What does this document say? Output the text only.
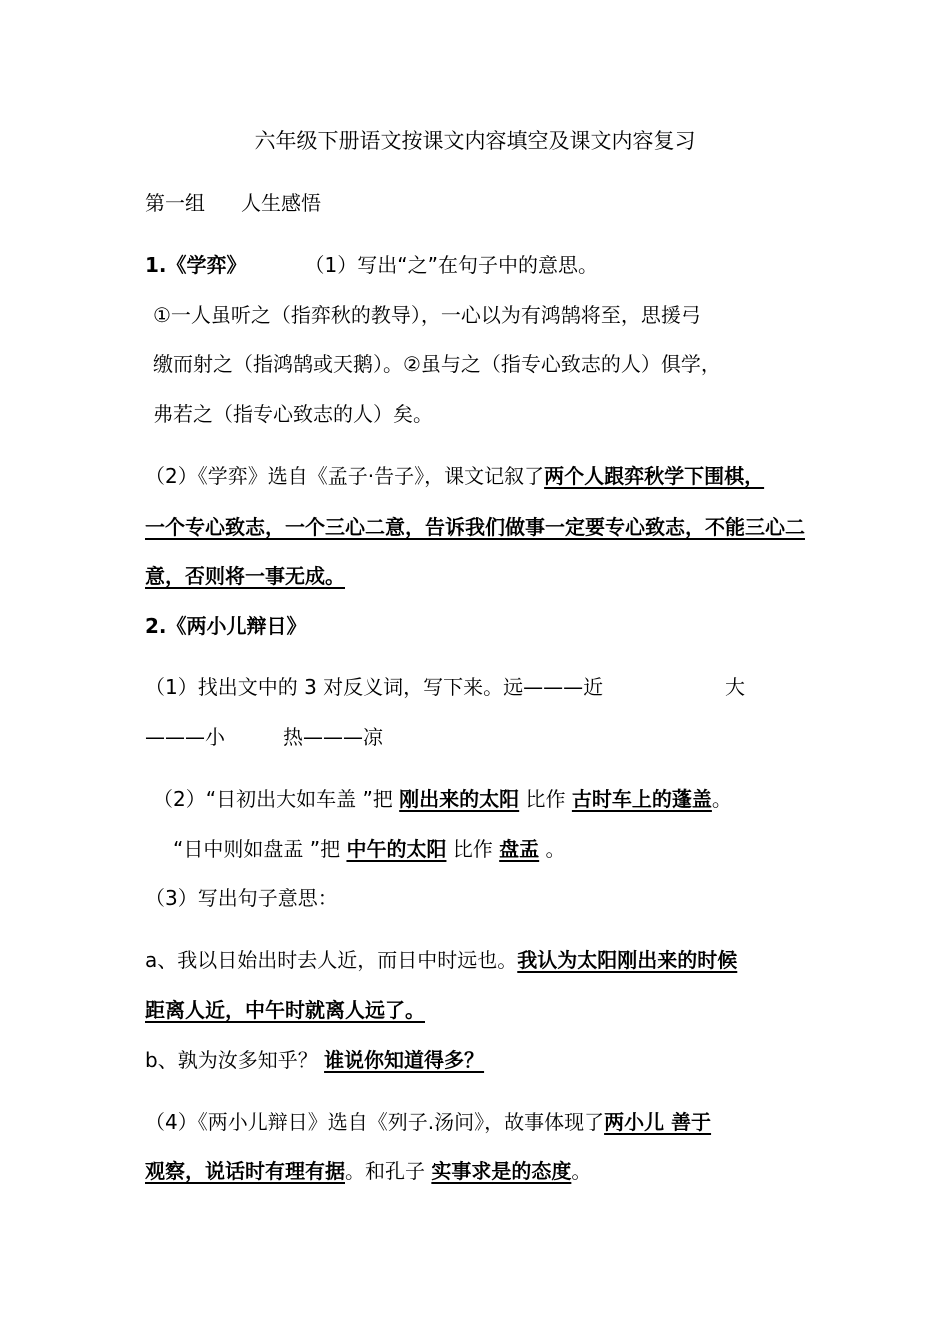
六年级下册语文按课文内容填空及课文内容复习
第一组 人生感悟
1.《学弈》	（1）写出“之”在句子中的意思。
①一人虽听之（指弈秋的教导），一心以为有鸿鹄将至，思援弓
缴而射之（指鸿鹄或天鹅）。②虽与之（指专心致志的人）俱学，
弗若之（指专心致志的人）矣。
（2）《学弈》选自《孟子·告子》，课文记叙了两个人跟弈秋学下围棋，
一个专心致志，一个三心二意，告诉我们做事一定要专心致志，不能三心二
意，否则将一事无成。
2.《两小儿辩日》
（1）找出文中的 3 对反义词，写下来。远———近	大
———小	热———凉
（2）“日初出大如车盖 ”把 刚出来的太阳 比作 古时车上的蓬盖。
“日中则如盘盂 ”把 中午的太阳 比作 盘盂 。
（3）写出句子意思：
a、我以日始出时去人近，而日中时远也。我认为太阳刚出来的时候
距离人近，中午时就离人远了。
b、孰为汝多知乎？ 谁说你知道得多？
（4）《两小儿辩日》选自《列子.汤问》，故事体现了两小儿 善于
观察，说话时有理有据。和孔子 实事求是的态度。
